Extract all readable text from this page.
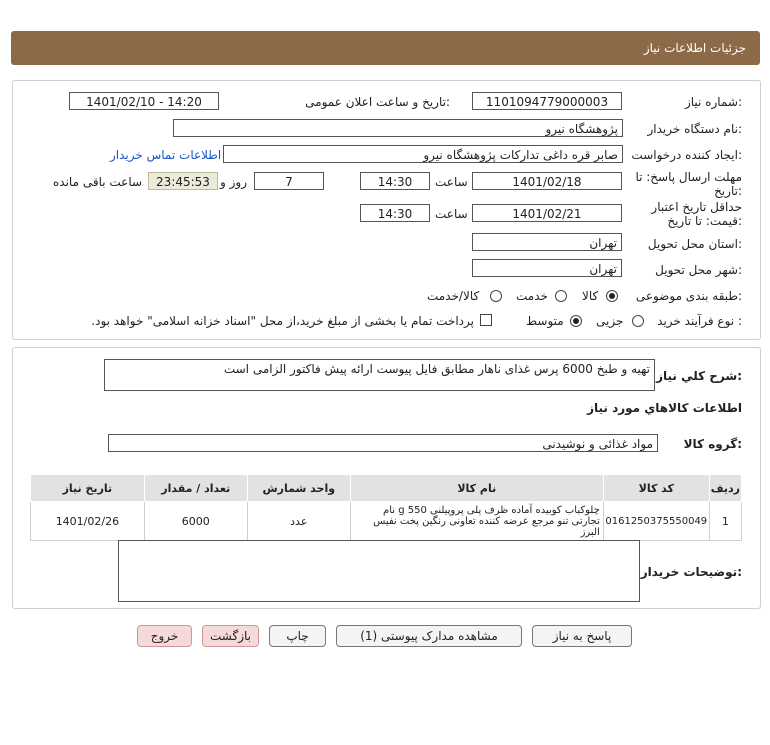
جزئیات اطلاعات نیاز
شماره نیاز:
1101094779000003
تاریخ و ساعت اعلان عمومی:
1401/02/10 - 14:20
نام دستگاه خریدار:
پژوهشگاه نیرو
ایجاد کننده درخواست:
صابر قره داغی تدارکات پژوهشگاه نیرو
اطلاعات تماس خریدار
مهلت ارسال پاسخ: تا
تاریخ:
1401/02/18
ساعت
14:30
7
روز و
23:45:53
ساعت باقی مانده
حداقل تاریخ اعتبار
قیمت: تا تاریخ:
1401/02/21
ساعت
14:30
استان محل تحویل:
تهران
شهر محل تحویل:
تهران
طبقه بندی موضوعی:
کالا
خدمت
کالا/خدمت
نوع فرآیند خرید :
جزیی
متوسط
پرداخت تمام یا بخشی از مبلغ خرید،از محل "اسناد خزانه اسلامی" خواهد بود.
شرح کلي نياز:
تهیه و طبخ 6000 پرس غذای ناهار مطابق فایل پیوست ارائه پیش فاکتور الزامی است
اطلاعات کالاهاي مورد نياز
گروه کالا:
مواد غذائی و نوشیدنی
ردیف	کد کالا	نام کالا	واحد شمارش	تعداد / مقدار	تاریخ نیاز
1	0161250375550049	چلوکباب کوبیده آماده ظرف پلی پروپیلنی 550 g نام تجارتی تنو مرجع عرضه کننده تعاونی رنگین پخت نفیس البرز	عدد	6000	1401/02/26
توضیحات خریدار:
پاسخ به نیاز
مشاهده مدارک پیوستی (1)
چاپ
بازگشت
خروج
